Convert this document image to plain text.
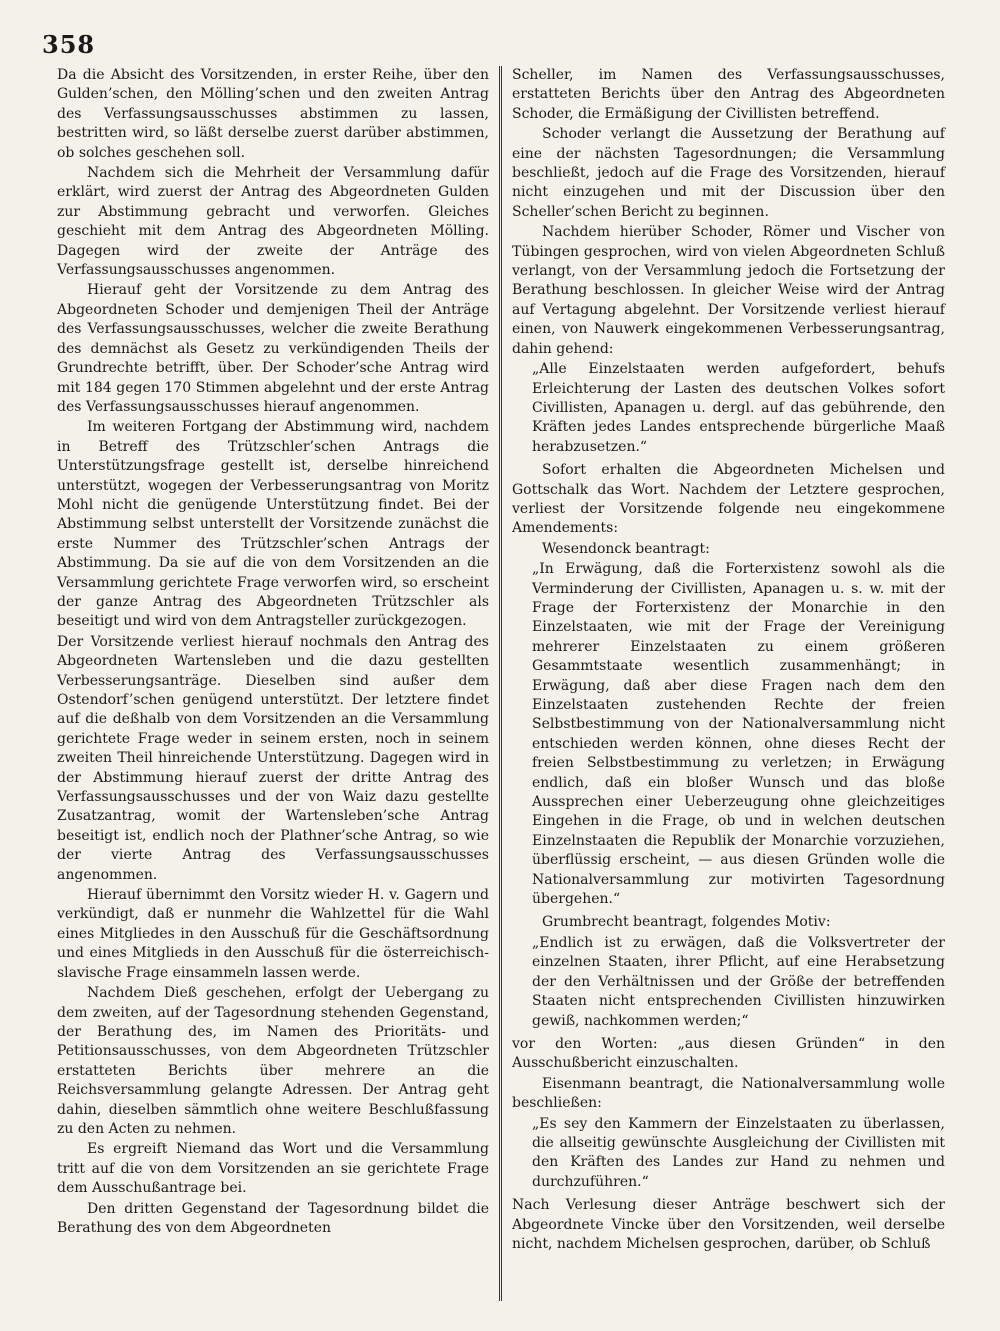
358

Da die Absicht des Vorsitzenden, in erster Reihe, über den Gulden’schen, den Mölling’schen und den zweiten Antrag des Verfassungsausschusses abstimmen zu lassen, bestritten wird, so läßt derselbe zuerst darüber abstimmen, ob solches geschehen soll.

Nachdem sich die Mehrheit der Versammlung dafür erklärt, wird zuerst der Antrag des Abgeordneten Gulden zur Abstimmung gebracht und verworfen. Gleiches geschieht mit dem Antrag des Abgeordneten Mölling. Dagegen wird der zweite der Anträge des Verfassungsausschusses angenommen.

Hierauf geht der Vorsitzende zu dem Antrag des Abgeordneten Schoder und demjenigen Theil der Anträge des Verfassungsausschusses, welcher die zweite Berathung des demnächst als Gesetz zu verkündigenden Theils der Grundrechte betrifft, über. Der Schoder’sche Antrag wird mit 184 gegen 170 Stimmen abgelehnt und der erste Antrag des Verfassungsausschusses hierauf angenommen.

Im weiteren Fortgang der Abstimmung wird, nachdem in Betreff des Trützschler’schen Antrags die Unterstützungsfrage gestellt ist, derselbe hinreichend unterstützt, wogegen der Verbesserungsantrag von Moritz Mohl nicht die genügende Unterstützung findet. Bei der Abstimmung selbst unterstellt der Vorsitzende zunächst die erste Nummer des Trützschler’schen Antrags der Abstimmung. Da sie auf die von dem Vorsitzenden an die Versammlung gerichtete Frage verworfen wird, so erscheint der ganze Antrag des Abgeordneten Trützschler als beseitigt und wird von dem Antragsteller zurückgezogen.

Der Vorsitzende verliest hierauf nochmals den Antrag des Abgeordneten Wartensleben und die dazu gestellten Verbesserungsanträge. Dieselben sind außer dem Ostendorf’schen genügend unterstützt. Der letztere findet auf die deßhalb von dem Vorsitzenden an die Versammlung gerichtete Frage weder in seinem ersten, noch in seinem zweiten Theil hinreichende Unterstützung. Dagegen wird in der Abstimmung hierauf zuerst der dritte Antrag des Verfassungsausschusses und der von Waiz dazu gestellte Zusatzantrag, womit der Wartensleben’sche Antrag beseitigt ist, endlich noch der Plathner’sche Antrag, so wie der vierte Antrag des Verfassungsausschusses angenommen.

Hierauf übernimmt den Vorsitz wieder H. v. Gagern und verkündigt, daß er nunmehr die Wahlzettel für die Wahl eines Mitgliedes in den Ausschuß für die Geschäftsordnung und eines Mitglieds in den Ausschuß für die österreichisch-slavische Frage einsammeln lassen werde.

Nachdem Dieß geschehen, erfolgt der Uebergang zu dem zweiten, auf der Tagesordnung stehenden Gegenstand, der Berathung des, im Namen des Prioritäts- und Petitionsausschusses, von dem Abgeordneten Trützschler erstatteten Berichts über mehrere an die Reichsversammlung gelangte Adressen. Der Antrag geht dahin, dieselben sämmtlich ohne weitere Beschlußfassung zu den Acten zu nehmen.

Es ergreift Niemand das Wort und die Versammlung tritt auf die von dem Vorsitzenden an sie gerichtete Frage dem Ausschußantrage bei.

Den dritten Gegenstand der Tagesordnung bildet die Berathung des von dem Abgeordneten

Scheller, im Namen des Verfassungsausschusses, erstatteten Berichts über den Antrag des Abgeordneten Schoder, die Ermäßigung der Civillisten betreffend.

Schoder verlangt die Aussetzung der Berathung auf eine der nächsten Tagesordnungen; die Versammlung beschließt, jedoch auf die Frage des Vorsitzenden, hierauf nicht einzugehen und mit der Discussion über den Scheller’schen Bericht zu beginnen.

Nachdem hierüber Schoder, Römer und Vischer von Tübingen gesprochen, wird von vielen Abgeordneten Schluß verlangt, von der Versammlung jedoch die Fortsetzung der Berathung beschlossen. In gleicher Weise wird der Antrag auf Vertagung abgelehnt. Der Vorsitzende verliest hierauf einen, von Nauwerk eingekommenen Verbesserungsantrag, dahin gehend:

„Alle Einzelstaaten werden aufgefordert, behufs Erleichterung der Lasten des deutschen Volkes sofort Civillisten, Apanagen u. dergl. auf das gebührende, den Kräften jedes Landes entsprechende bürgerliche Maaß herabzusetzen.“

Sofort erhalten die Abgeordneten Michelsen und Gottschalk das Wort. Nachdem der Letztere gesprochen, verliest der Vorsitzende folgende neu eingekommene Amendements:

Wesendonck beantragt:

„In Erwägung, daß die Forterxistenz sowohl als die Verminderung der Civillisten, Apanagen u. s. w. mit der Frage der Forterxistenz der Monarchie in den Einzelstaaten, wie mit der Frage der Vereinigung mehrerer Einzelstaaten zu einem größeren Gesammtstaate wesentlich zusammenhängt; in Erwägung, daß aber diese Fragen nach dem den Einzelstaaten zustehenden Rechte der freien Selbstbestimmung von der Nationalversammlung nicht entschieden werden können, ohne dieses Recht der freien Selbstbestimmung zu verletzen; in Erwägung endlich, daß ein bloßer Wunsch und das bloße Aussprechen einer Ueberzeugung ohne gleichzeitiges Eingehen in die Frage, ob und in welchen deutschen Einzelnstaaten die Republik der Monarchie vorzuziehen, überflüssig erscheint, — aus diesen Gründen wolle die Nationalversammlung zur motivirten Tagesordnung übergehen.“

Grumbrecht beantragt, folgendes Motiv:

„Endlich ist zu erwägen, daß die Volksvertreter der einzelnen Staaten, ihrer Pflicht, auf eine Herabsetzung der den Verhältnissen und der Größe der betreffenden Staaten nicht entsprechenden Civillisten hinzuwirken gewiß, nachkommen werden;“

vor den Worten: „aus diesen Gründen“ in den Ausschußbericht einzuschalten.

Eisenmann beantragt, die Nationalversammlung wolle beschließen:

„Es sey den Kammern der Einzelstaaten zu überlassen, die allseitig gewünschte Ausgleichung der Civillisten mit den Kräften des Landes zur Hand zu nehmen und durchzuführen.“

Nach Verlesung dieser Anträge beschwert sich der Abgeordnete Vincke über den Vorsitzenden, weil derselbe nicht, nachdem Michelsen gesprochen, darüber, ob Schluß
